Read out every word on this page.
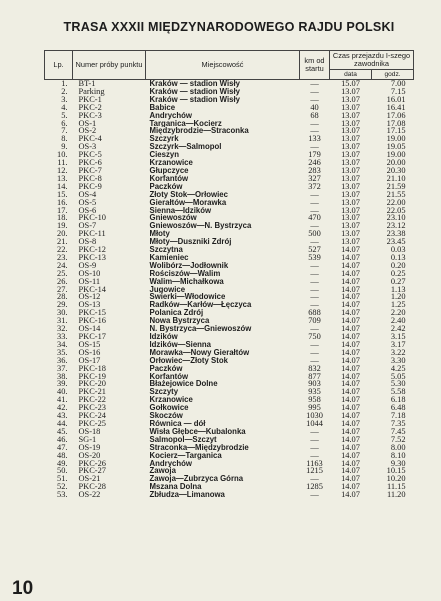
TRASA XXXII MIĘDZYNARODOWEGO RAJDU POLSKI
Lp.	Numer próby punktu	Miejscowość	km od startu	Czas przejazdu I-szego zawodnika	
				data	godz.
1.	BT-1	Kraków — stadion Wisły	—	15.07	7.00
2.	Parking	Kraków — stadion Wisły	—	13.07	7.15
3.	PKC-1	Kraków — stadion Wisły	—	13.07	16.01
4.	PKC-2	Babice	40	13.07	16.41
5.	PKC-3	Andrychów	68	13.07	17.06
6.	OS-1	Targanica—Kocierz	—	13.07	17.08
7.	OS-2	Międzybrodzie—Straconka	—	13.07	17.15
8.	PKC-4	Szczyrk	133	13.07	19.00
9.	OS-3	Szczyrk—Salmopol	—	13.07	19.05
10.	PKC-5	Cieszyn	179	13.07	19.00
11.	PKC-6	Krzanowice	246	13.07	20.00
12.	PKC-7	Głupczyce	283	13.07	20.30
13.	PKC-8	Korfantów	327	13.07	21.10
14.	PKC-9	Paczków	372	13.07	21.59
15.	OS-4	Złoty Stok—Orłowiec	—	13.07	21.55
16.	OS-5	Gierałtów—Morawka	—	13.07	22.00
17.	OS-6	Sienna—Idzików	—	13.07	22.05
18.	PKC-10	Gniewoszów	470	13.07	23.10
19.	OS-7	Gniewoszów—N. Bystrzyca	—	13.07	23.12
20.	PKC-11	Młoty	500	13.07	23.38
21.	OS-8	Młoty—Duszniki Zdrój	—	13.07	23.45
22.	PKC-12	Szczytna	527	14.07	0.03
23.	PKC-13	Kamieniec	539	14.07	0.13
24.	OS-9	Wolibórz—Jodłownik	—	14.07	0.20
25.	OS-10	Rościszów—Walim	—	14.07	0.25
26.	OS-11	Walim—Michałkowa	—	14.07	0.27
27.	PKC-14	Jugowice	—	14.07	1.13
28.	OS-12	Świerki—Włodowice	—	14.07	1.20
29.	OS-13	Radków—Karłów—Łęczyca	—	14.07	1.25
30.	PKC-15	Polanica Zdrój	688	14.07	2.20
31.	PKC-16	Nowa Bystrzyca	709	14.07	2.40
32.	OS-14	N. Bystrzyca—Gniewoszów	—	14.07	2.42
33.	PKC-17	Idzików	750	14.07	3.15
34.	OS-15	Idzików—Sienna	—	14.07	3.17
35.	OS-16	Morawka—Nowy Gierałtów	—	14.07	3.22
36.	OS-17	Orłowiec—Złoty Stok	—	14.07	3.30
37.	PKC-18	Paczków	832	14.07	4.25
38.	PKC-19	Korfantów	877	14.07	5.05
39.	PKC-20	Błażejowice Dolne	903	14.07	5.30
40.	PKC-21	Szczyty	935	14.07	5.58
41.	PKC-22	Krzanowice	958	14.07	6.18
42.	PKC-23	Gołkowice	995	14.07	6.48
43.	PKC-24	Skoczów	1030	14.07	7.18
44.	PKC-25	Równica — dół	1044	14.07	7.35
45.	OS-18	Wisła Głębce—Kubalonka	—	14.07	7.45
46.	SG-1	Salmopol—Szczyt	—	14.07	7.52
47.	OS-19	Straconka—Międzybrodzie	—	14.07	8.00
48.	OS-20	Kocierz—Targanica	—	14.07	8.10
49.	PKC-26	Andrychów	1163	14.07	9.30
50.	PKC-27	Zawoja	1215	14.07	10.15
51.	OS-21	Zawoja—Zubrzyca Górna	—	14.07	10.20
52.	PKC-28	Mszana Dolna	1285	14.07	11.15
53.	OS-22	Zbłudza—Limanowa	—	14.07	11.20
10
